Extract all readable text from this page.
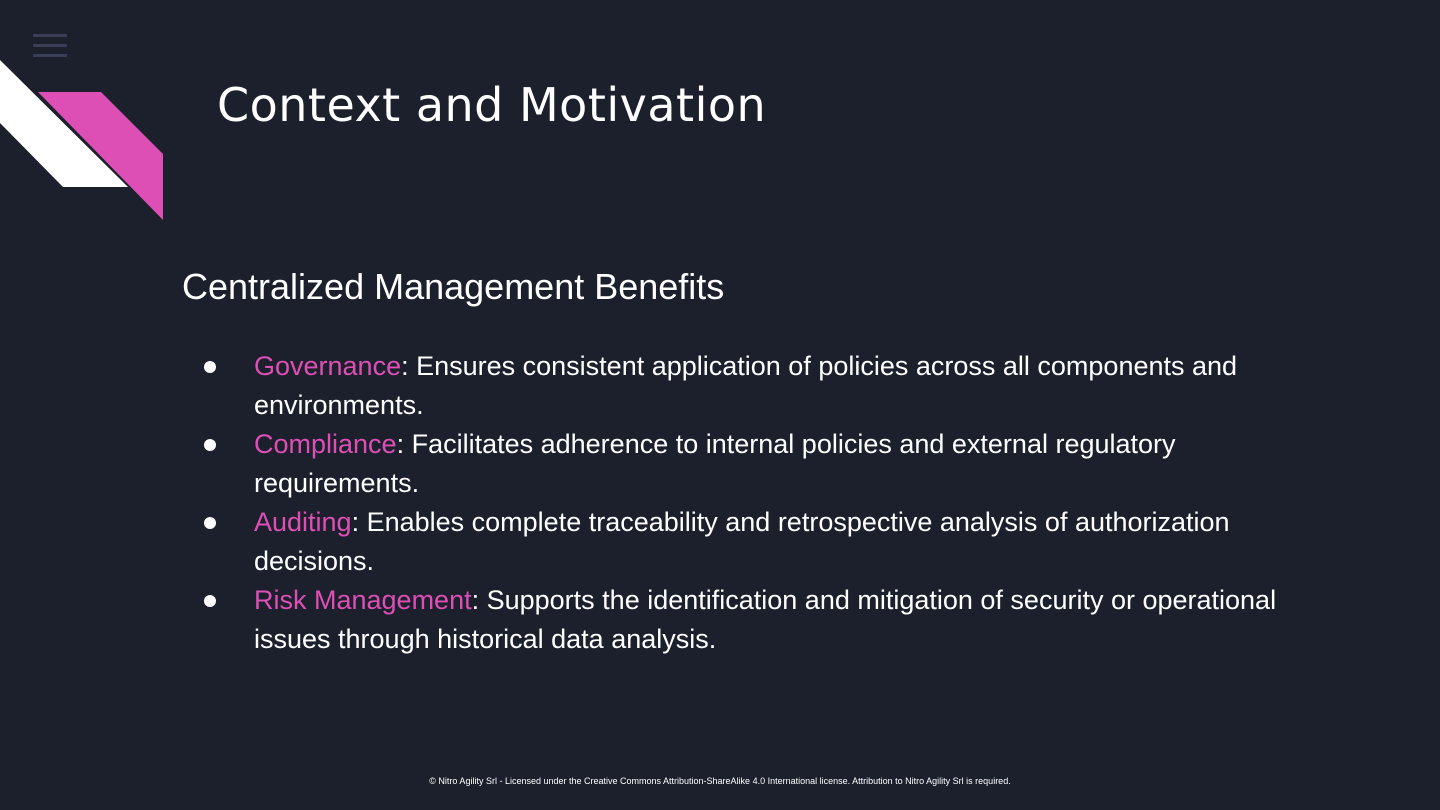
Context and Motivation
Centralized Management Benefits
Governance: Ensures consistent application of policies across all components and environments.
Compliance: Facilitates adherence to internal policies and external regulatory requirements.
Auditing: Enables complete traceability and retrospective analysis of authorization decisions.
Risk Management: Supports the identification and mitigation of security or operational issues through historical data analysis.
© Nitro Agility Srl - Licensed under the Creative Commons Attribution-ShareAlike 4.0 International license. Attribution to Nitro Agility Srl is required.
